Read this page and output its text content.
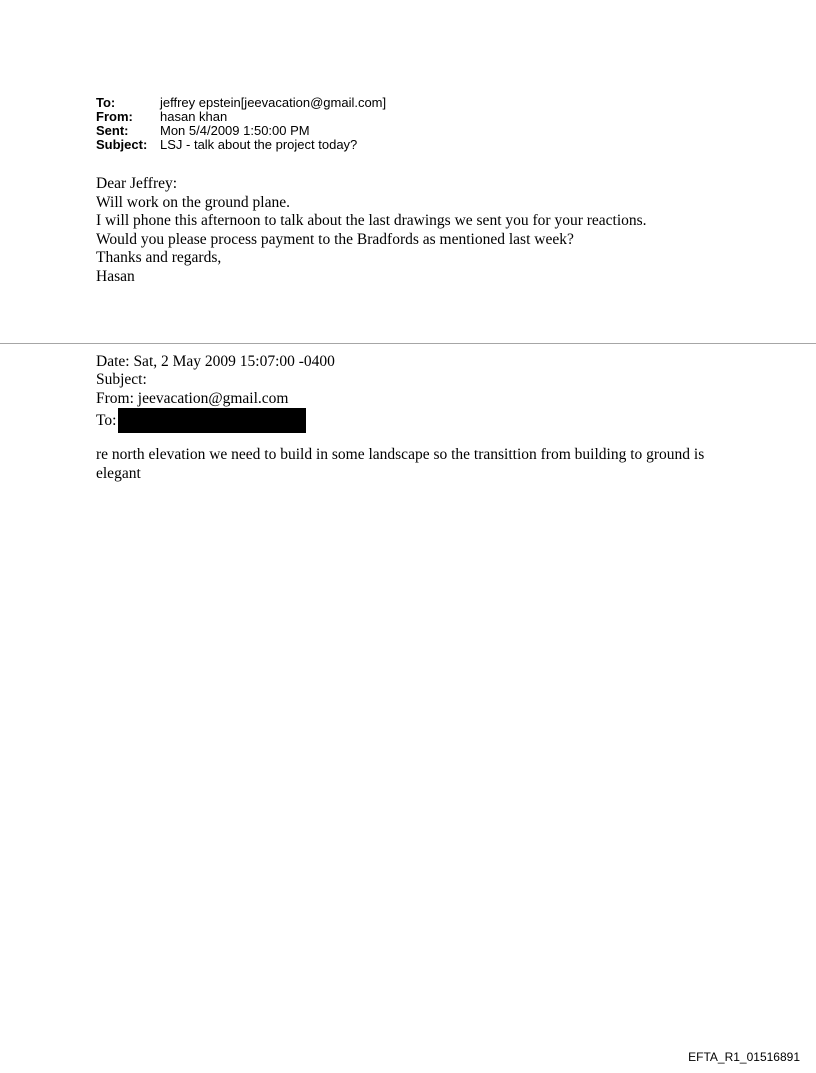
To:	jeffrey epstein[jeevacation@gmail.com]
From:	hasan khan
Sent:	Mon 5/4/2009 1:50:00 PM
Subject: LSJ - talk about the project today?
Dear Jeffrey:
Will work on the ground plane.
I will phone this afternoon to talk about the last drawings we sent you for your reactions.
Would you please process payment to the Bradfords as mentioned last week?
Thanks and regards,
Hasan
Date: Sat, 2 May 2009 15:07:00 -0400
Subject:
From: jeevacation@gmail.com
To:
re north elevation we need to build in some landscape so the transittion from building to ground is elegant
EFTA_R1_01516891
